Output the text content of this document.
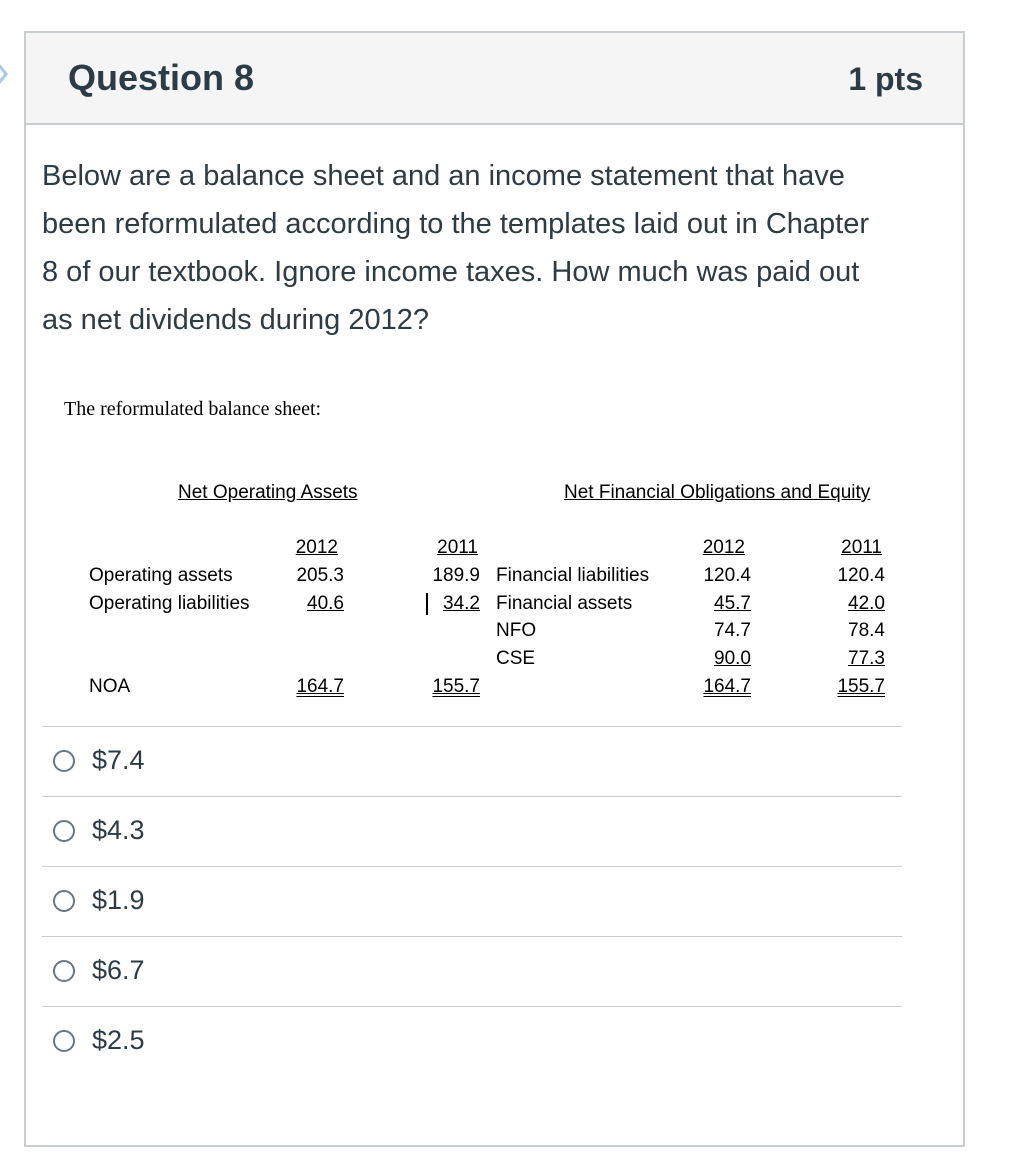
Question 8	1 pts

Below are a balance sheet and an income statement that have been reformulated according to the templates laid out in Chapter 8 of our textbook. Ignore income taxes. How much was paid out as net dividends during 2012?

The reformulated balance sheet:
Net Operating Assets	Net Financial Obligations and Equity
2012	2011
Operating assets	205.3	189.9
Operating liabilities	40.6	34.2
NOA	164.7	155.7
2012	2011
Financial liabilities	120.4	120.4
Financial assets	45.7	42.0
NFO	74.7	78.4
CSE	90.0	77.3
164.7	155.7
$7.4
$4.3
$1.9
$6.7
$2.5
